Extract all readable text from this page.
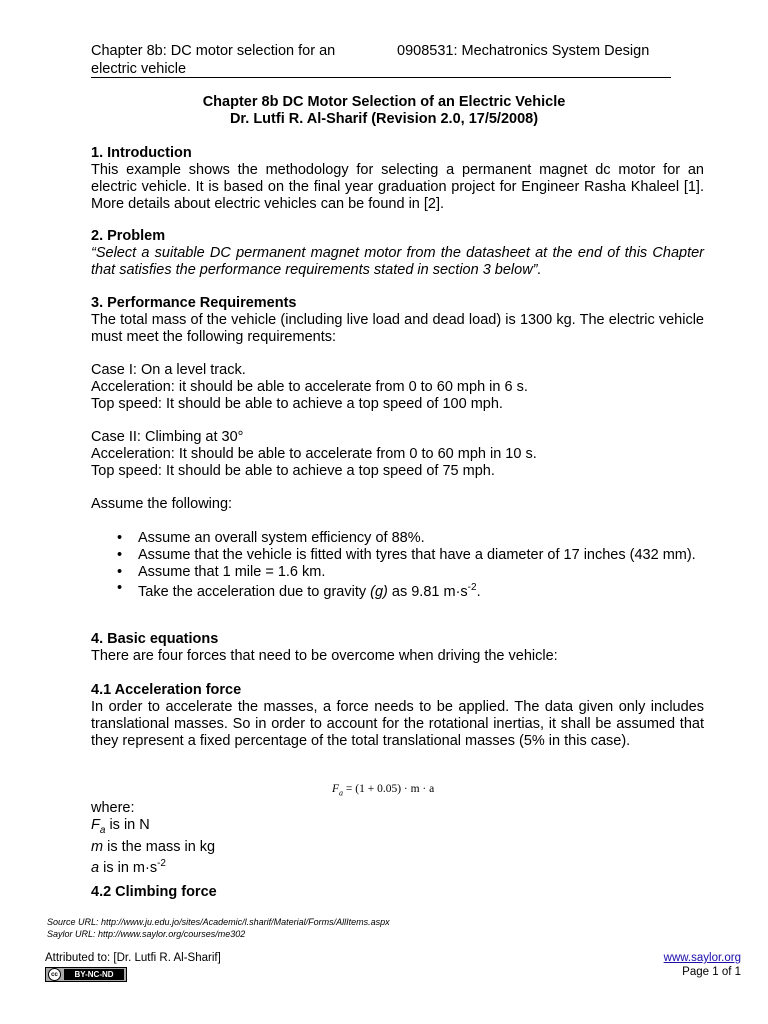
Chapter 8b: DC motor selection for an electric vehicle
0908531: Mechatronics System Design
Chapter 8b DC Motor Selection of an Electric Vehicle
Dr. Lutfi R. Al-Sharif (Revision 2.0, 17/5/2008)
1. Introduction
This example shows the methodology for selecting a permanent magnet dc motor for an electric vehicle. It is based on the final year graduation project for Engineer Rasha Khaleel [1]. More details about electric vehicles can be found in [2].
2. Problem
“Select a suitable DC permanent magnet motor from the datasheet at the end of this Chapter that satisfies the performance requirements stated in section 3 below”.
3. Performance Requirements
The total mass of the vehicle (including live load and dead load) is 1300 kg. The electric vehicle must meet the following requirements:
Case I: On a level track.
Acceleration: it should be able to accelerate from 0 to 60 mph in 6 s.
Top speed: It should be able to achieve a top speed of 100 mph.
Case II: Climbing at 30°
Acceleration: It should be able to accelerate from 0 to 60 mph in 10 s.
Top speed: It should be able to achieve a top speed of 75 mph.
Assume the following:
• Assume an overall system efficiency of 88%.
• Assume that the vehicle is fitted with tyres that have a diameter of 17 inches (432 mm).
• Assume that 1 mile = 1.6 km.
• Take the acceleration due to gravity (g) as 9.81 $m\cdot s^{-2}$.
4. Basic equations
There are four forces that need to be overcome when driving the vehicle:
4.1 Acceleration force
In order to accelerate the masses, a force needs to be applied. The data given only includes translational masses. So in order to account for the rotational inertias, it shall be assumed that they represent a fixed percentage of the total translational masses (5% in this case).
$F_a = (1 + 0.05) \cdot m \cdot a$
where:
$F_a$ is in N
m is the mass in kg
a is in $m\cdot s^{-2}$
4.2 Climbing force
Source URL: http://www.ju.edu.jo/sites/Academic/l.sharif/Material/Forms/AllItems.aspx
Saylor URL: http://www.saylor.org/courses/me302
Attributed to: [Dr. Lutfi R. Al-Sharif]	www.saylor.org
Page 1 of 1
cc	BY-NC-ND
